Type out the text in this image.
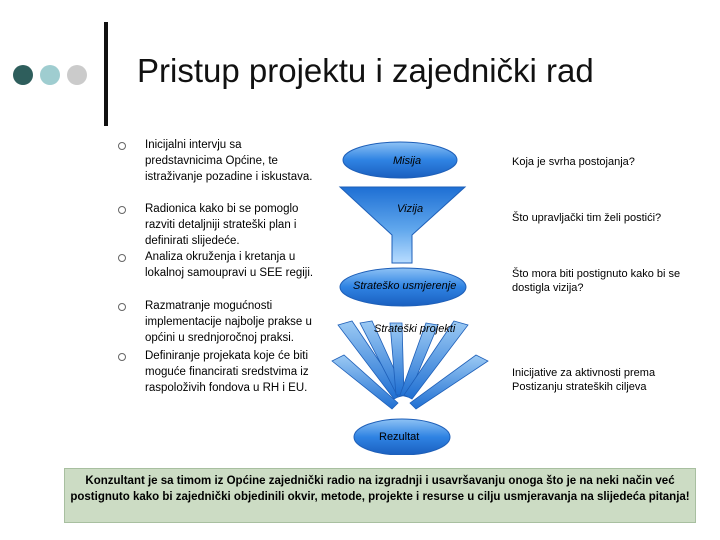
Pristup projektu i zajednički rad
Inicijalni intervju sa predstavnicima Općine, te istraživanje pozadine i iskustava.
Radionica kako bi se pomoglo razviti detaljniji strateški plan i definirati slijedeće.
Analiza okruženja i kretanja u lokalnoj samoupravi u SEE regiji.
Razmatranje mogućnosti implementacije najbolje prakse u općini u srednjoročnoj praksi.
Definiranje projekata koje će biti moguće financirati sredstvima iz raspoloživih fondova u RH i EU.
Misija
Vizija
Strateško usmjerenje
Strateški projekti
Rezultat
Koja je svrha postojanja?
Što upravljački tim želi postići?
Što mora biti postignuto kako bi se dostigla vizija?
Inicijative za aktivnosti prema Postizanju strateških ciljeva
Konzultant je sa timom iz Općine zajednički radio na izgradnji i usavršavanju onoga što je na neki način već postignuto kako bi zajednički objedinili okvir, metode, projekte i resurse u cilju usmjeravanja na slijedeća pitanja!
